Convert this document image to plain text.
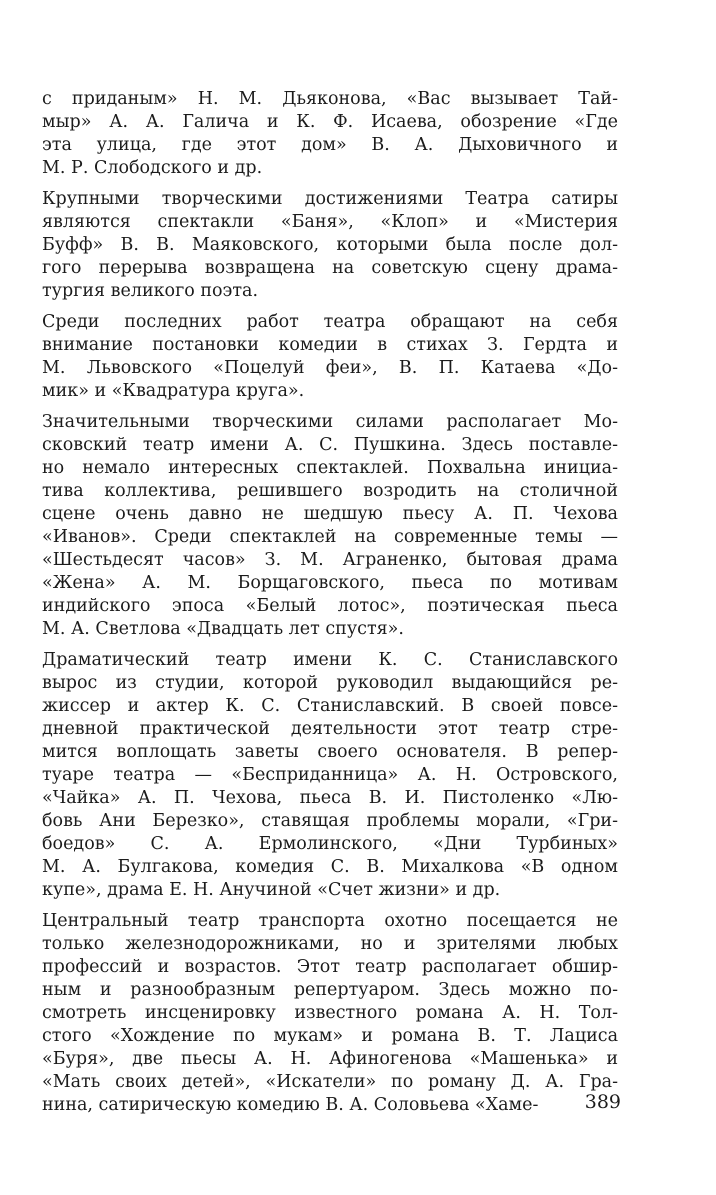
с приданым» Н. М. Дьяконова, «Вас вызывает Тай-
мыр» А. А. Галича и К. Ф. Исаева, обозрение «Где
эта улица, где этот дом» В. А. Дыховичного и
М. Р. Слободского и др.
Крупными творческими достижениями Театра сатиры
являются спектакли «Баня», «Клоп» и «Мистерия
Буфф» В. В. Маяковского, которыми была после дол-
гого перерыва возвращена на советскую сцену драма-
тургия великого поэта.
Среди последних работ театра обращают на себя
внимание постановки комедии в стихах З. Гердта и
М. Львовского «Поцелуй феи», В. П. Катаева «До-
мик» и «Квадратура круга».
Значительными творческими силами располагает Мо-
сковский театр имени А. С. Пушкина. Здесь поставле-
но немало интересных спектаклей. Похвальна инициа-
тива коллектива, решившего возродить на столичной
сцене очень давно не шедшую пьесу А. П. Чехова
«Иванов». Среди спектаклей на современные темы —
«Шестьдесят часов» З. М. Аграненко, бытовая драма
«Жена» А. М. Борщаговского, пьеса по мотивам
индийского эпоса «Белый лотос», поэтическая пьеса
М. А. Светлова «Двадцать лет спустя».
Драматический театр имени К. С. Станиславского
вырос из студии, которой руководил выдающийся ре-
жиссер и актер К. С. Станиславский. В своей повсе-
дневной практической деятельности этот театр стре-
мится воплощать заветы своего основателя. В репер-
туаре театра — «Бесприданница» А. Н. Островского,
«Чайка» А. П. Чехова, пьеса В. И. Пистоленко «Лю-
бовь Ани Березко», ставящая проблемы морали, «Гри-
боедов» С. А. Ермолинского, «Дни Турбиных»
М. А. Булгакова, комедия С. В. Михалкова «В одном
купе», драма Е. Н. Анучиной «Счет жизни» и др.
Центральный театр транспорта охотно посещается не
только железнодорожниками, но и зрителями любых
профессий и возрастов. Этот театр располагает обшир-
ным и разнообразным репертуаром. Здесь можно по-
смотреть инсценировку известного романа А. Н. Тол-
стого «Хождение по мукам» и романа В. Т. Лациса
«Буря», две пьесы А. Н. Афиногенова «Машенька» и
«Мать своих детей», «Искатели» по роману Д. А. Гра-
нина, сатирическую комедию В. А. Соловьева «Хаме-	389
